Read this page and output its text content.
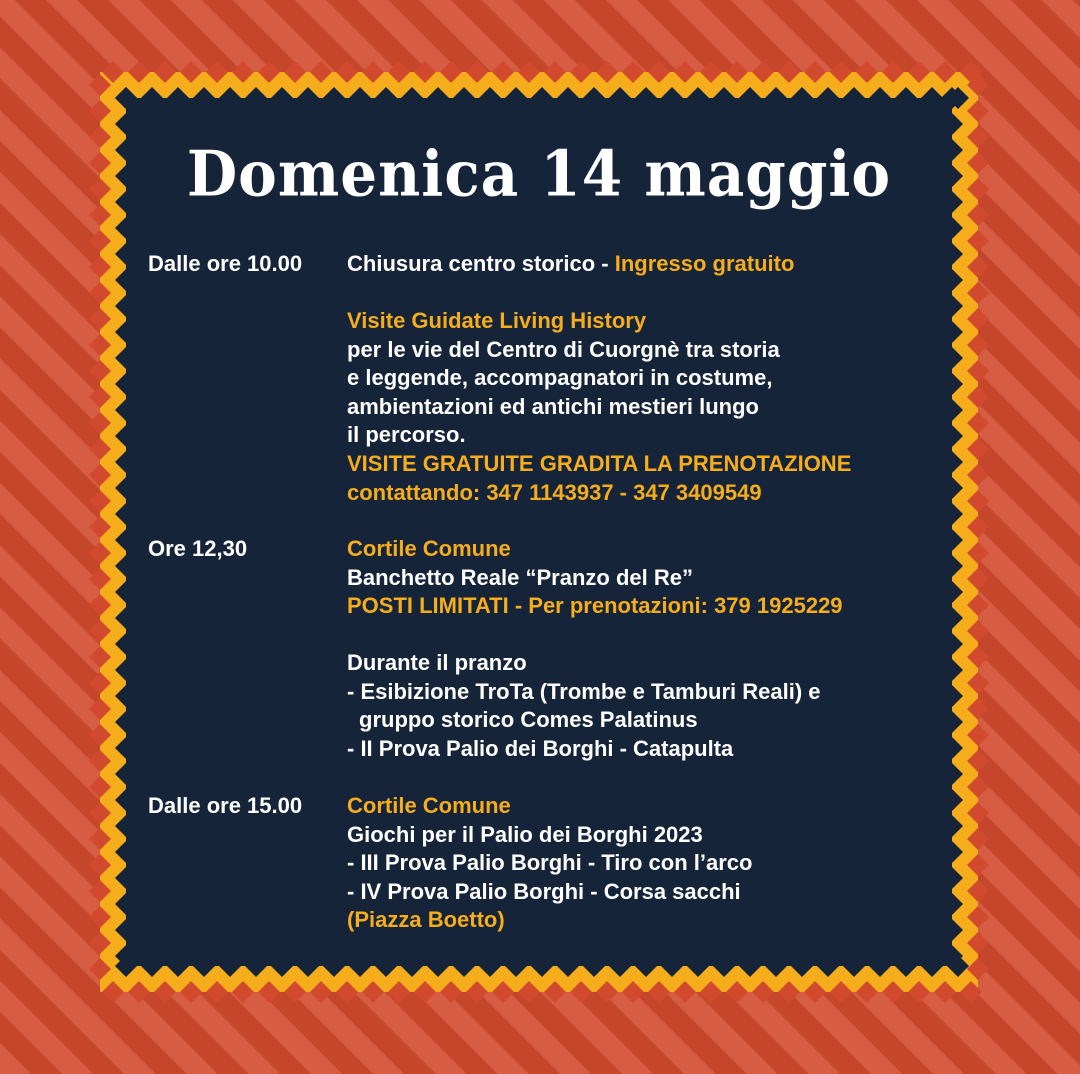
Domenica 14 maggio
Dalle ore 10.00 Chiusura centro storico - Ingresso gratuito
Visite Guidate Living History
per le vie del Centro di Cuorgnè tra storia
e leggende, accompagnatori in costume,
ambientazioni ed antichi mestieri lungo
il percorso.
VISITE GRATUITE GRADITA LA PRENOTAZIONE
contattando: 347 1143937 - 347 3409549
Ore 12,30	Cortile Comune
Banchetto Reale “Pranzo del Re”
POSTI LIMITATI - Per prenotazioni: 379 1925229
Durante il pranzo
- Esibizione TroTa (Trombe e Tamburi Reali) e
gruppo storico Comes Palatinus
- II Prova Palio dei Borghi - Catapulta
Dalle ore 15.00 Cortile Comune
Giochi per il Palio dei Borghi 2023
- III Prova Palio Borghi - Tiro con l’arco
- IV Prova Palio Borghi - Corsa sacchi
(Piazza Boetto)
